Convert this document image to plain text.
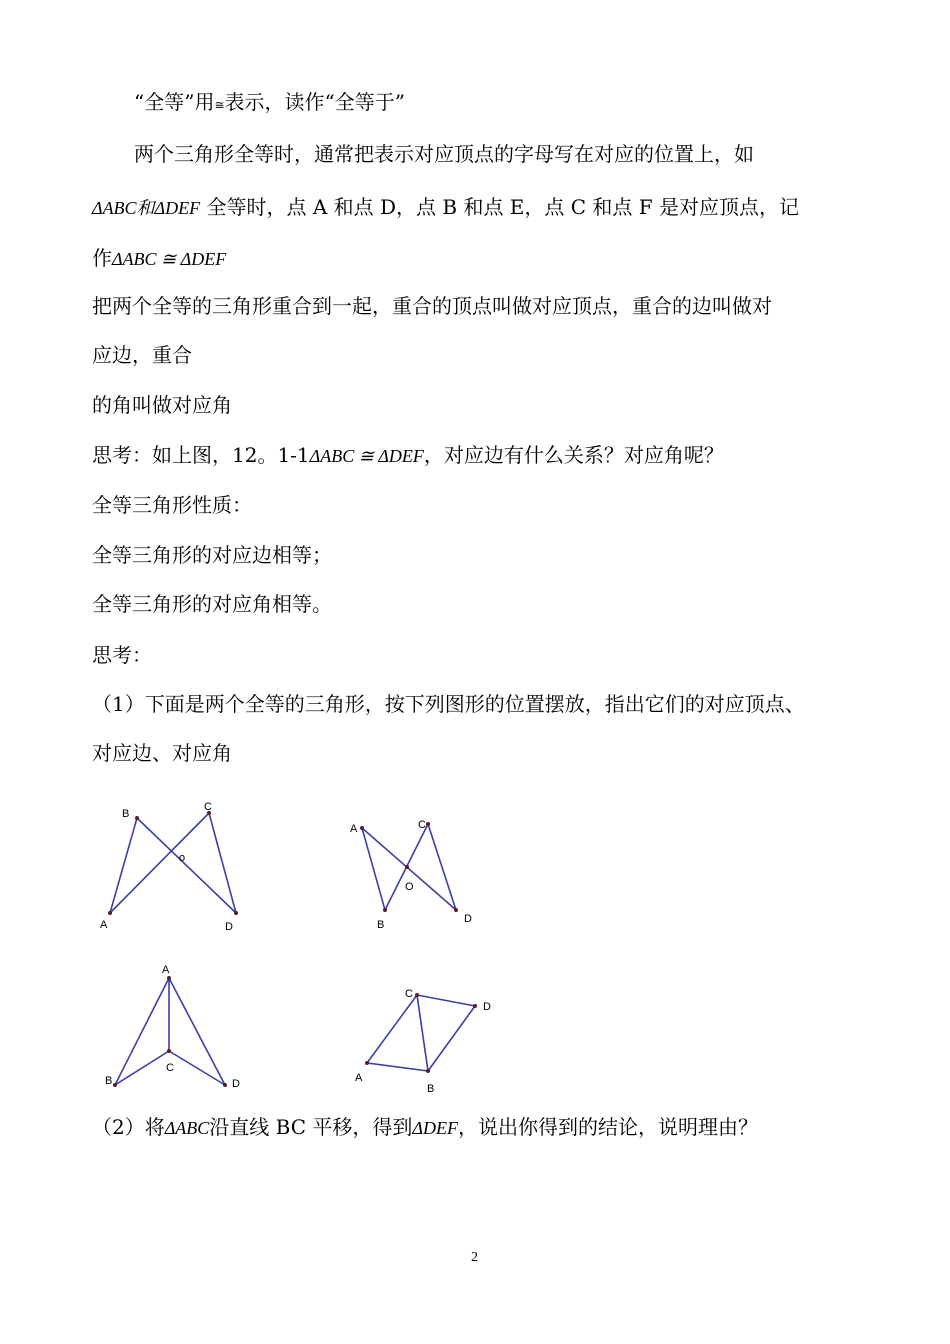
“全等”用≅表示，读作“全等于”
两个三角形全等时，通常把表示对应顶点的字母写在对应的位置上，如
ΔABC和ΔDEF 全等时，点 A 和点 D，点 B 和点 E，点 C 和点 F 是对应顶点，记
作ΔABC ≅ ΔDEF
把两个全等的三角形重合到一起，重合的顶点叫做对应顶点，重合的边叫做对
应边，重合
的角叫做对应角
思考：如上图，12。1-1ΔABC ≅ ΔDEF，对应边有什么关系？对应角呢？
全等三角形性质：
全等三角形的对应边相等；
全等三角形的对应角相等。
思考：
（1）下面是两个全等的三角形，按下列图形的位置摆放，指出它们的对应顶点、
对应边、对应角
B
C
A	D
o
A	C
B	D
O
A
B
C
D
C
D
A
B
（2）将ΔABC沿直线 BC 平移，得到ΔDEF，说出你得到的结论，说明理由？
2
